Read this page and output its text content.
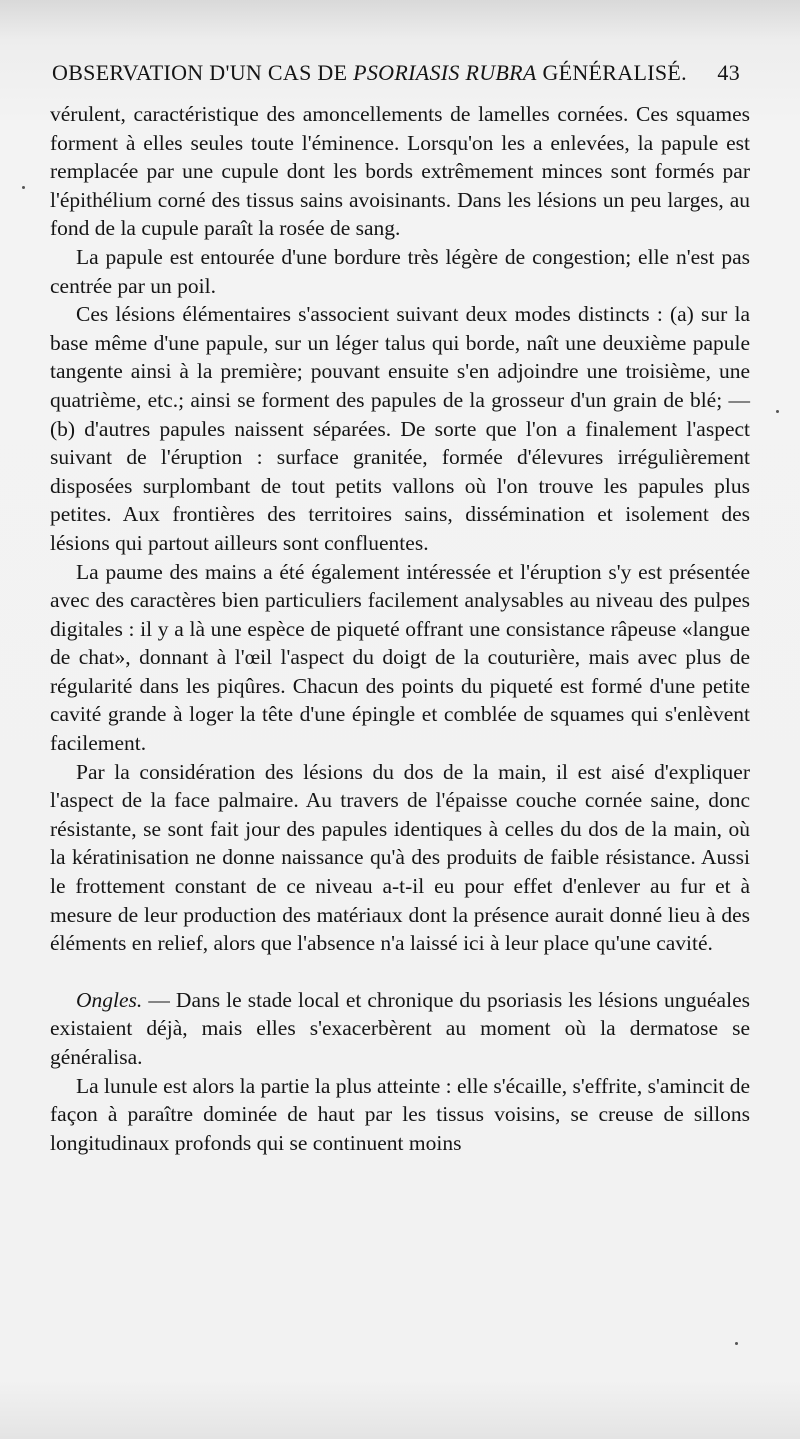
OBSERVATION D'UN CAS DE PSORIASIS RUBRA GÉNÉRALISÉ. 43

vérulent, caractéristique des amoncellements de lamelles cornées. Ces squames forment à elles seules toute l'éminence. Lorsqu'on les a enlevées, la papule est remplacée par une cupule dont les bords extrêmement minces sont formés par l'épithélium corné des tissus sains avoisinants. Dans les lésions un peu larges, au fond de la cupule paraît la rosée de sang.

La papule est entourée d'une bordure très légère de congestion; elle n'est pas centrée par un poil.

Ces lésions élémentaires s'associent suivant deux modes distincts : (a) sur la base même d'une papule, sur un léger talus qui borde, naît une deuxième papule tangente ainsi à la première; pouvant ensuite s'en adjoindre une troisième, une quatrième, etc.; ainsi se forment des papules de la grosseur d'un grain de blé; — (b) d'autres papules naissent séparées. De sorte que l'on a finalement l'aspect suivant de l'éruption : surface granitée, formée d'élevures irrégulièrement disposées surplombant de tout petits vallons où l'on trouve les papules plus petites. Aux frontières des territoires sains, dissémination et isolement des lésions qui partout ailleurs sont confluentes.

La paume des mains a été également intéressée et l'éruption s'y est présentée avec des caractères bien particuliers facilement analysables au niveau des pulpes digitales : il y a là une espèce de piqueté offrant une consistance râpeuse «langue de chat», donnant à l'œil l'aspect du doigt de la couturière, mais avec plus de régularité dans les piqûres. Chacun des points du piqueté est formé d'une petite cavité grande à loger la tête d'une épingle et comblée de squames qui s'enlèvent facilement.

Par la considération des lésions du dos de la main, il est aisé d'expliquer l'aspect de la face palmaire. Au travers de l'épaisse couche cornée saine, donc résistante, se sont fait jour des papules identiques à celles du dos de la main, où la kératinisation ne donne naissance qu'à des produits de faible résistance. Aussi le frottement constant de ce niveau a-t-il eu pour effet d'enlever au fur et à mesure de leur production des matériaux dont la présence aurait donné lieu à des éléments en relief, alors que l'absence n'a laissé ici à leur place qu'une cavité.

Ongles. — Dans le stade local et chronique du psoriasis les lésions unguéales existaient déjà, mais elles s'exacerbèrent au moment où la dermatose se généralisa.

La lunule est alors la partie la plus atteinte : elle s'écaille, s'effrite, s'amincit de façon à paraître dominée de haut par les tissus voisins, se creuse de sillons longitudinaux profonds qui se continuent moins
